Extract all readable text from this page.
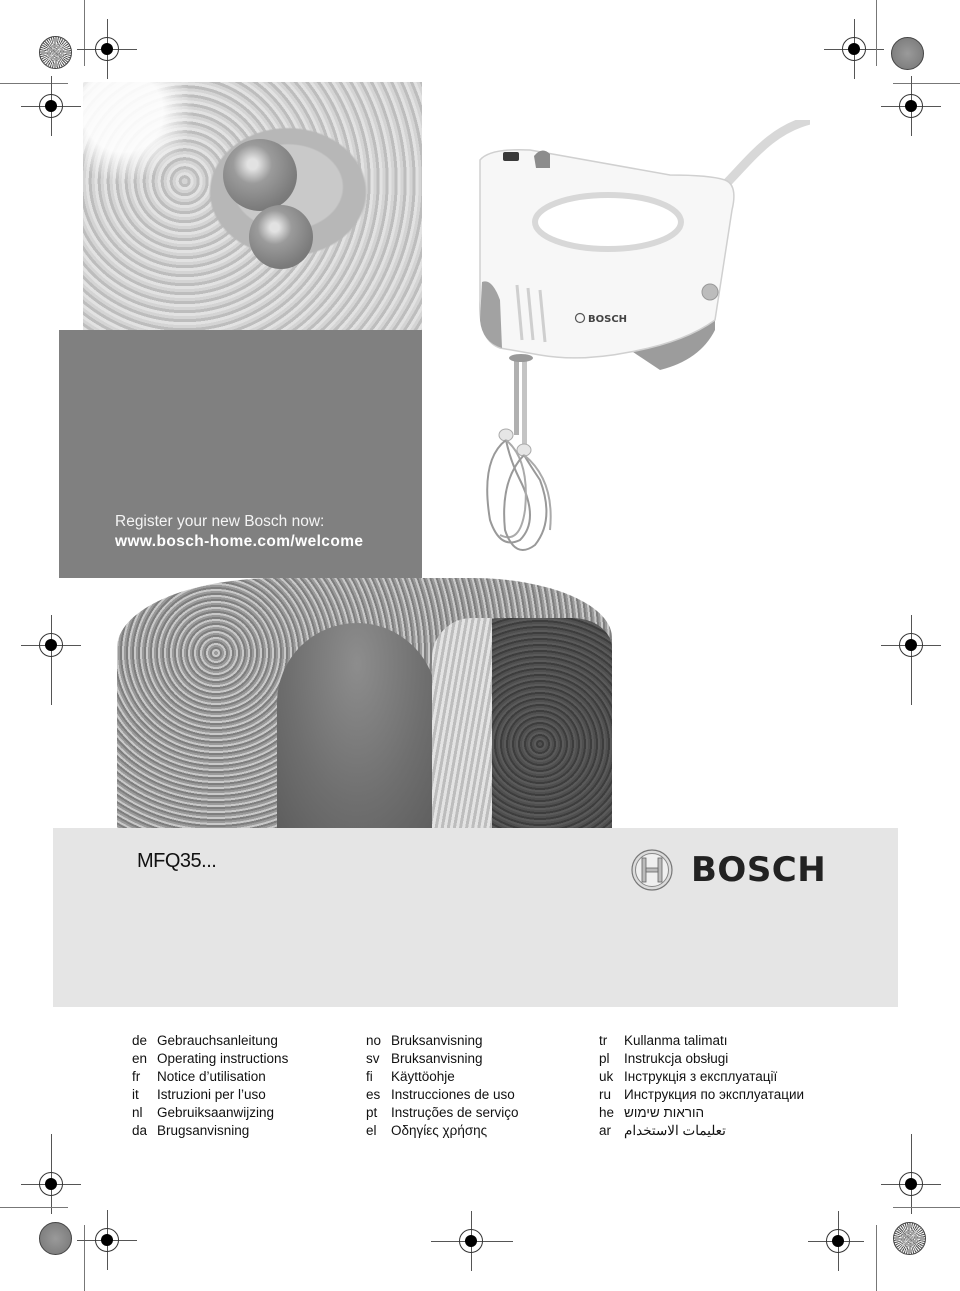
Register your new Bosch now:
www.bosch-home.com/welcome
BOSCH
MFQ35...	BOSCH
de Gebrauchsanleitung
en Operating instructions
fr	Notice d’utilisation
it	Istruzioni per l’uso
nl	Gebruiksaanwijzing
da Brugsanvisning
no Bruksanvisning
sv Bruksanvisning
fi	Käyttöohje
es Instrucciones de uso
pt	Instruções de serviço
el	Οδηγίες χρήσης
tr	Kullanma talimatı
pl	Instrukcja obsługi
uk Інструкція з експлуатації
ru Инструкция по эксплуатации
he הוראות שימוש
ar تعليمات الاستخدام
